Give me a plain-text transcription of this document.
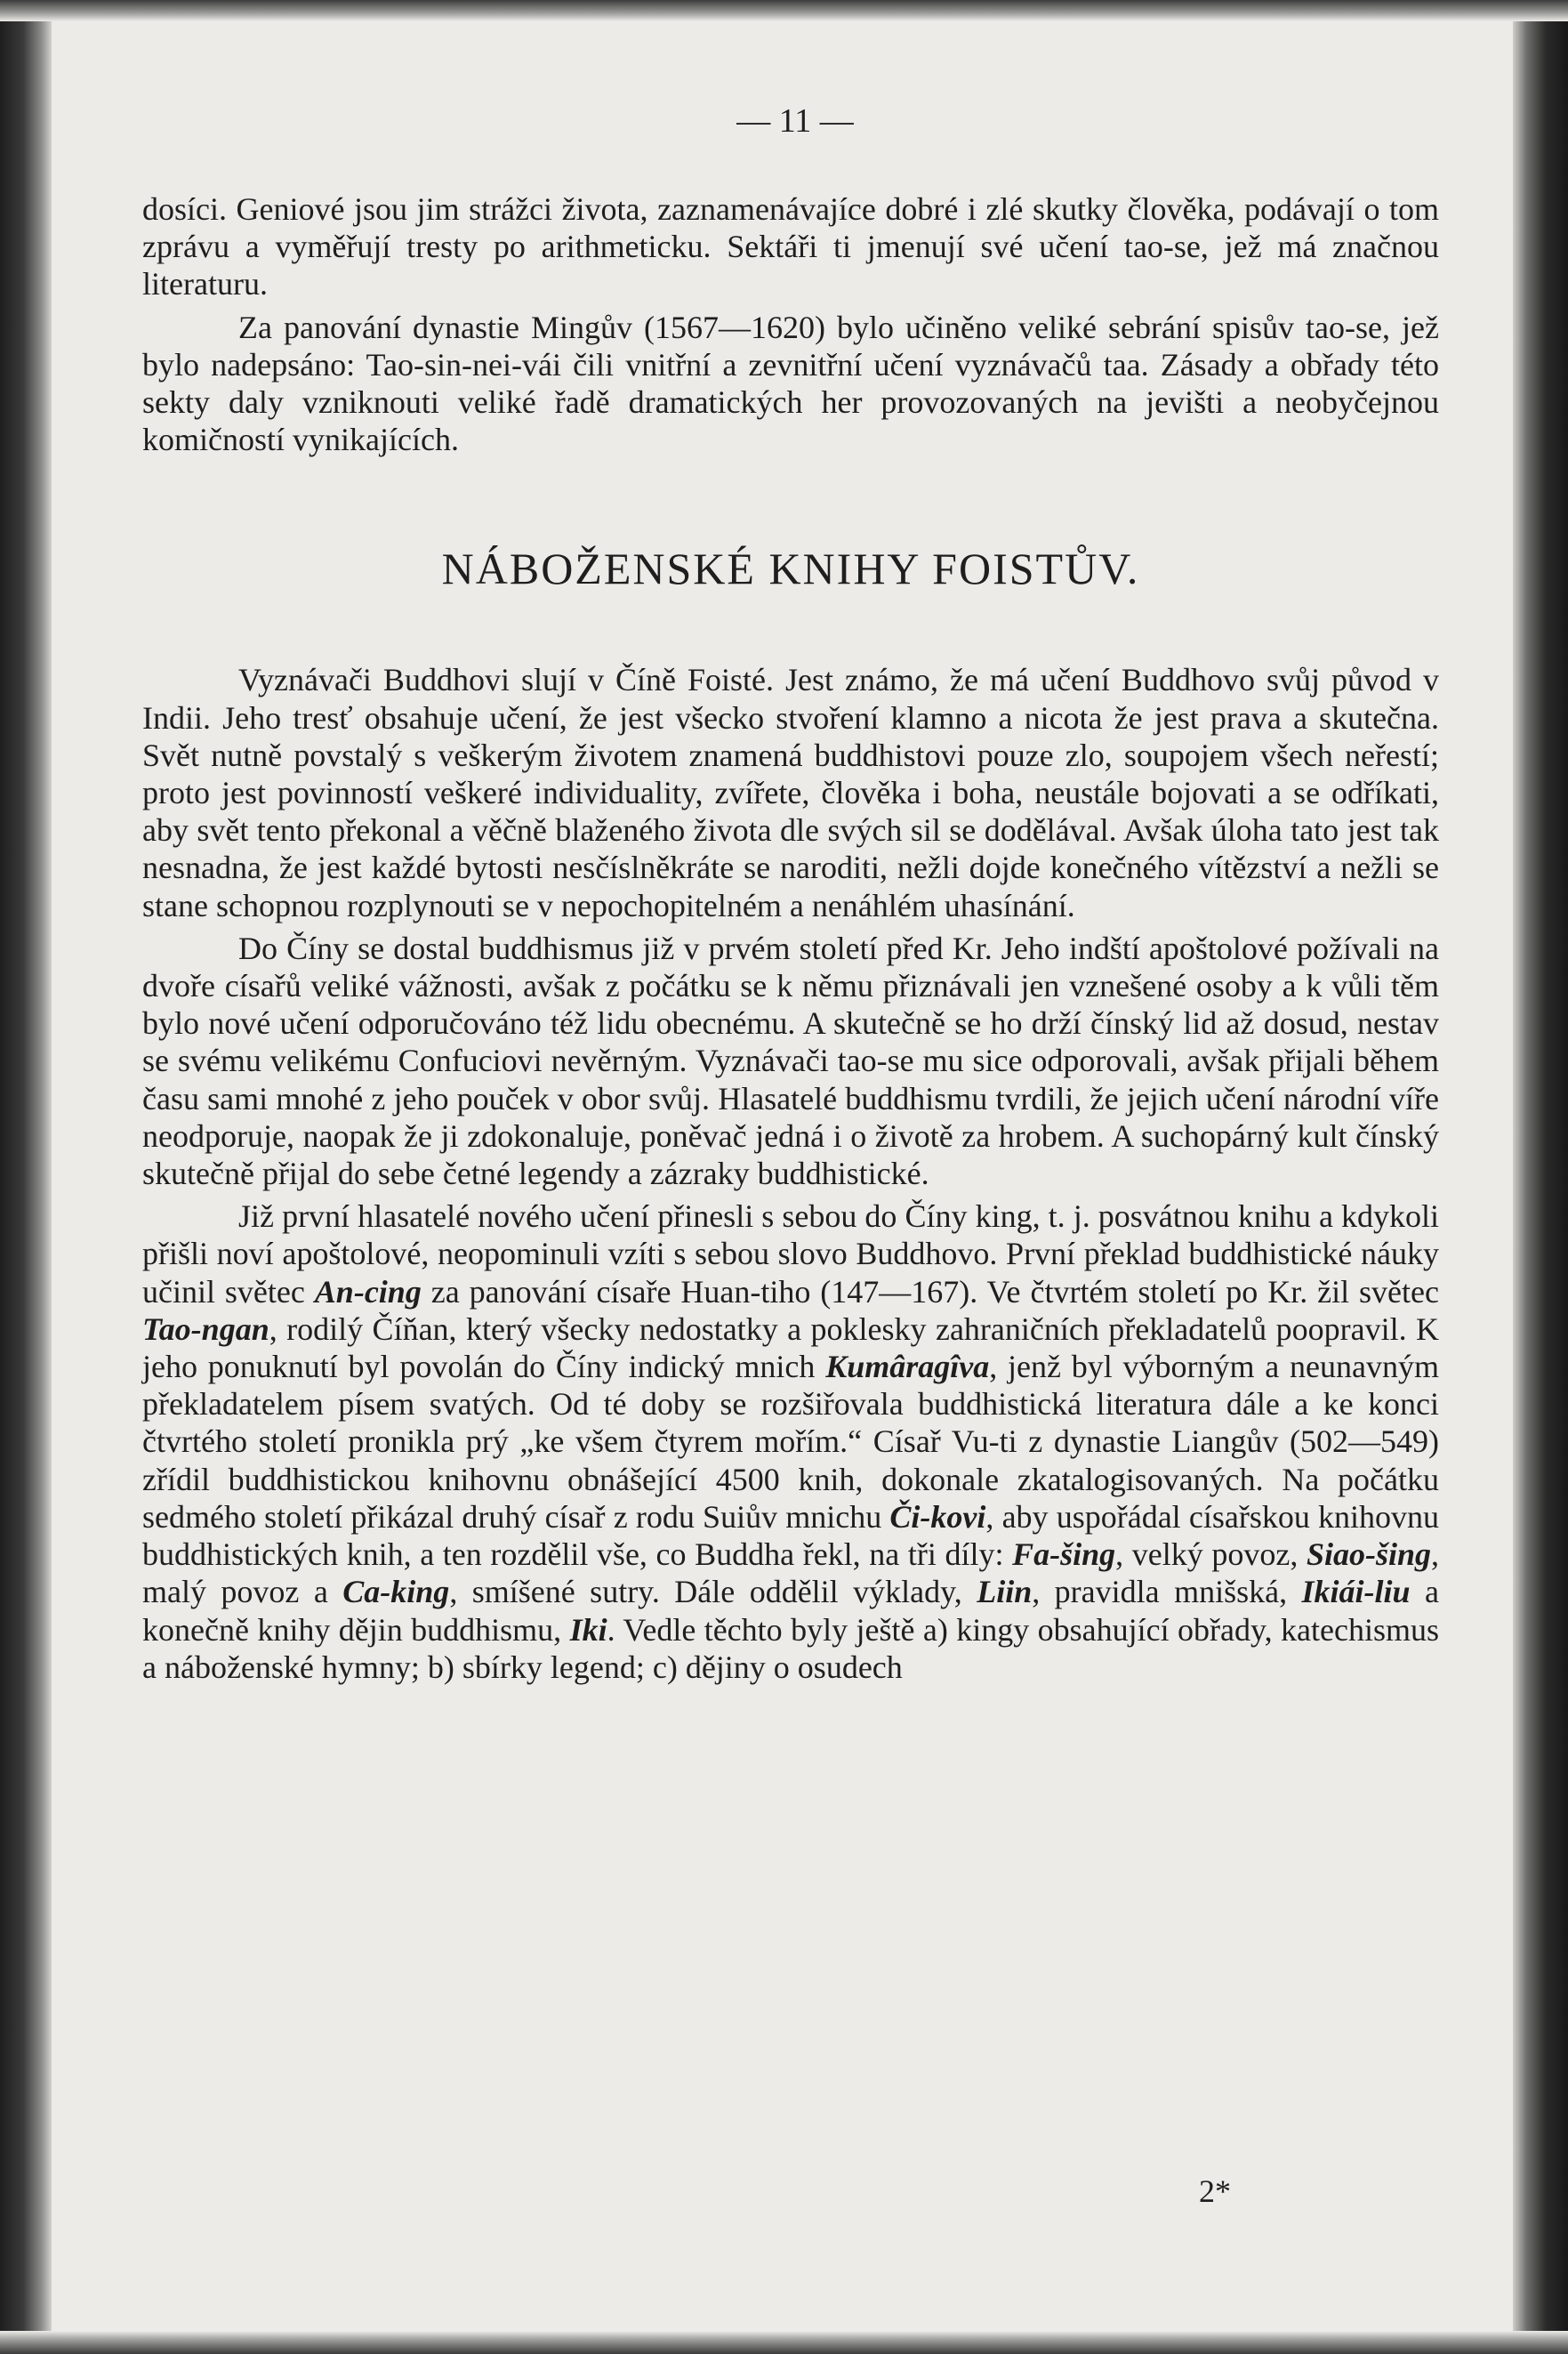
— 11 —

dosíci. Geniové jsou jim strážci života, zaznamenávajíce dobré i zlé skutky člověka, podávají o tom zprávu a vyměřují tresty po arithmeticku. Sektáři ti jmenují své učení tao-se, jež má značnou literaturu.

Za panování dynastie Mingův (1567—1620) bylo učiněno veliké sebrání spisův tao-se, jež bylo nadepsáno: Tao-sin-nei-vái čili vnitřní a zevnitřní učení vyznávačů taa. Zásady a obřady této sekty daly vzniknouti veliké řadě dramatických her provozovaných na jevišti a neobyčejnou komičností vynikajících.

NÁBOŽENSKÉ KNIHY FOISTŮV.

Vyznávači Buddhovi slují v Číně Foisté. Jest známo, že má učení Buddhovo svůj původ v Indii. Jeho tresť obsahuje učení, že jest všecko stvoření klamno a nicota že jest prava a skutečna. Svět nutně povstalý s veškerým životem znamená buddhistovi pouze zlo, soupojem všech neřestí; proto jest povinností veškeré individuality, zvířete, člověka i boha, neustále bojovati a se odříkati, aby svět tento překonal a věčně blaženého života dle svých sil se dodělával. Avšak úloha tato jest tak nesnadna, že jest každé bytosti nesčíslněkráte se naroditi, nežli dojde konečného vítězství a nežli se stane schopnou rozplynouti se v nepochopitelném a nenáhlém uhasínání.

Do Číny se dostal buddhismus již v prvém století před Kr. Jeho indští apoštolové požívali na dvoře císařů veliké vážnosti, avšak z počátku se k němu přiznávali jen vznešené osoby a k vůli těm bylo nové učení odporučováno též lidu obecnému. A skutečně se ho drží čínský lid až dosud, nestav se svému velikému Confuciovi nevěrným. Vyznávači tao-se mu sice odporovali, avšak přijali během času sami mnohé z jeho pouček v obor svůj. Hlasatelé buddhismu tvrdili, že jejich učení národní víře neodporuje, naopak že ji zdokonaluje, poněvač jedná i o životě za hrobem. A suchopárný kult čínský skutečně přijal do sebe četné legendy a zázraky buddhistické.

Již první hlasatelé nového učení přinesli s sebou do Číny king, t. j. posvátnou knihu a kdykoli přišli noví apoštolové, neopominuli vzíti s sebou slovo Buddhovo. První překlad buddhistické náuky učinil světec An-cing za panování císaře Huan-tiho (147—167). Ve čtvrtém století po Kr. žil světec Tao-ngan, rodilý Číňan, který všecky nedostatky a poklesky zahraničních překladatelů poopravil. K jeho ponuknutí byl povolán do Číny indický mnich Kumâragîva, jenž byl výborným a neunavným překladatelem písem svatých. Od té doby se rozšiřovala buddhistická literatura dále a ke konci čtvrtého století pronikla prý „ke všem čtyrem mořím.“ Císař Vu-ti z dynastie Liangův (502—549) zřídil buddhistickou knihovnu obnášející 4500 knih, dokonale zkatalogisovaných. Na počátku sedmého století přikázal druhý císař z rodu Suiův mnichu Či-kovi, aby uspořádal císařskou knihovnu buddhistických knih, a ten rozdělil vše, co Buddha řekl, na tři díly: Fa-šing, velký povoz, Siao-šing, malý povoz a Ca-king, smíšené sutry. Dále oddělil výklady, Liin, pravidla mnišská, Ikiái-liu a konečně knihy dějin buddhismu, Iki. Vedle těchto byly ještě a) kingy obsahující obřady, katechismus a náboženské hymny; b) sbírky legend; c) dějiny o osudech

2*
